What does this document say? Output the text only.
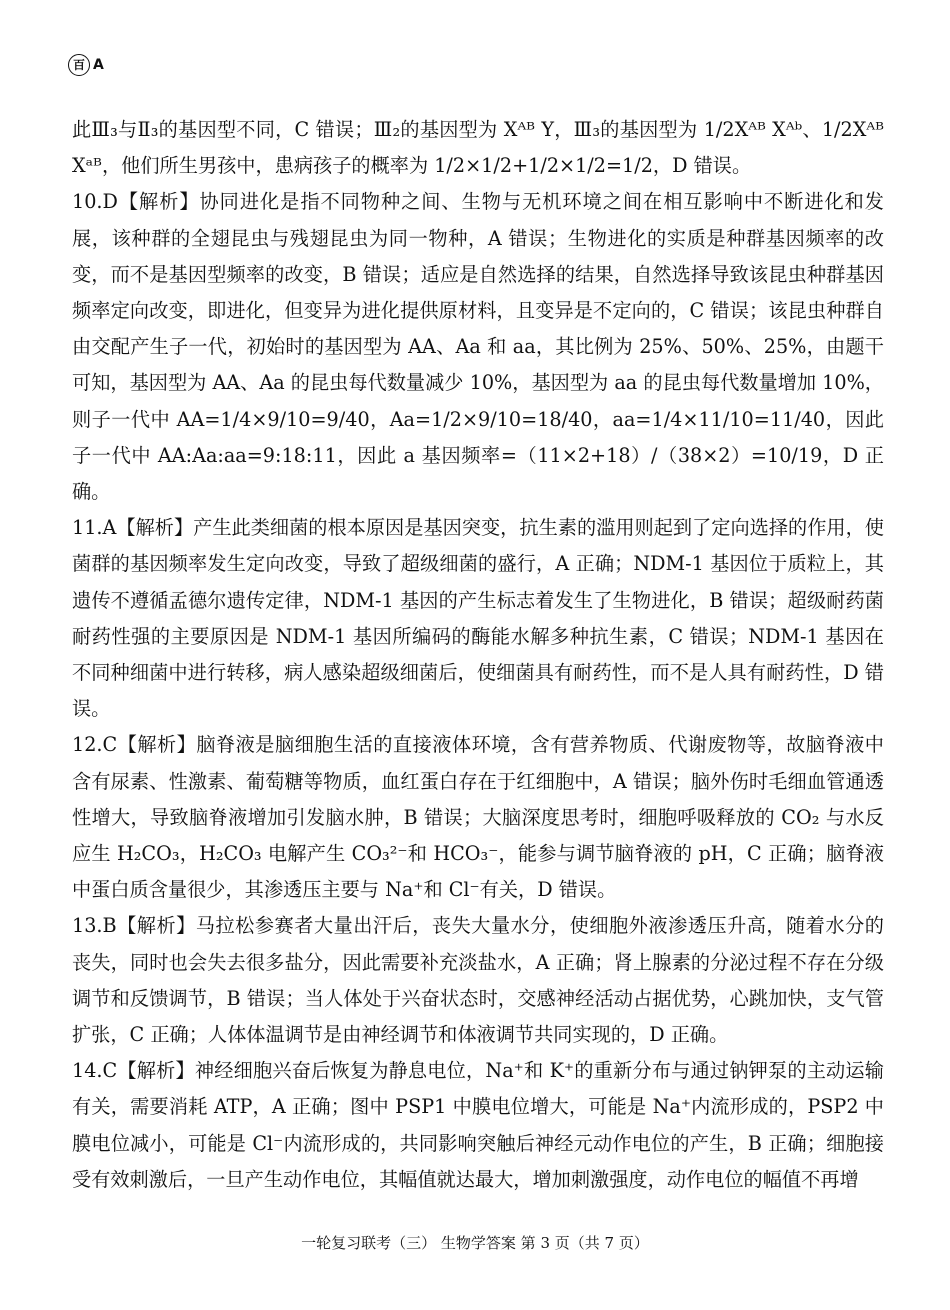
百 A

此Ⅲ₃与Ⅱ₃的基因型不同，C 错误；Ⅲ₂的基因型为 Xᴬᴮ Y，Ⅲ₃的基因型为 1/2Xᴬᴮ Xᴬᵇ、1/2Xᴬᴮ Xᵃᴮ，他们所生男孩中，患病孩子的概率为 1/2×1/2+1/2×1/2=1/2，D 错误。

10.D【解析】协同进化是指不同物种之间、生物与无机环境之间在相互影响中不断进化和发展，该种群的全翅昆虫与残翅昆虫为同一物种，A 错误；生物进化的实质是种群基因频率的改变，而不是基因型频率的改变，B 错误；适应是自然选择的结果，自然选择导致该昆虫种群基因频率定向改变，即进化，但变异为进化提供原材料，且变异是不定向的，C 错误；该昆虫种群自由交配产生子一代，初始时的基因型为 AA、Aa 和 aa，其比例为 25%、50%、25%，由题干可知，基因型为 AA、Aa 的昆虫每代数量减少 10%，基因型为 aa 的昆虫每代数量增加 10%，则子一代中 AA=1/4×9/10=9/40，Aa=1/2×9/10=18/40，aa=1/4×11/10=11/40，因此子一代中 AA:Aa:aa=9:18:11，因此 a 基因频率=（11×2+18）/（38×2）=10/19，D 正确。

11.A【解析】产生此类细菌的根本原因是基因突变，抗生素的滥用则起到了定向选择的作用，使菌群的基因频率发生定向改变，导致了超级细菌的盛行，A 正确；NDM-1 基因位于质粒上，其遗传不遵循孟德尔遗传定律，NDM-1 基因的产生标志着发生了生物进化，B 错误；超级耐药菌耐药性强的主要原因是 NDM-1 基因所编码的酶能水解多种抗生素，C 错误；NDM-1 基因在不同种细菌中进行转移，病人感染超级细菌后，使细菌具有耐药性，而不是人具有耐药性，D 错误。

12.C【解析】脑脊液是脑细胞生活的直接液体环境，含有营养物质、代谢废物等，故脑脊液中含有尿素、性激素、葡萄糖等物质，血红蛋白存在于红细胞中，A 错误；脑外伤时毛细血管通透性增大，导致脑脊液增加引发脑水肿，B 错误；大脑深度思考时，细胞呼吸释放的 CO₂ 与水反应生 H₂CO₃，H₂CO₃ 电解产生 CO₃²⁻和 HCO₃⁻，能参与调节脑脊液的 pH，C 正确；脑脊液中蛋白质含量很少，其渗透压主要与 Na⁺和 Cl⁻有关，D 错误。

13.B【解析】马拉松参赛者大量出汗后，丧失大量水分，使细胞外液渗透压升高，随着水分的丧失，同时也会失去很多盐分，因此需要补充淡盐水，A 正确；肾上腺素的分泌过程不存在分级调节和反馈调节，B 错误；当人体处于兴奋状态时，交感神经活动占据优势，心跳加快，支气管扩张，C 正确；人体体温调节是由神经调节和体液调节共同实现的，D 正确。

14.C【解析】神经细胞兴奋后恢复为静息电位，Na⁺和 K⁺的重新分布与通过钠钾泵的主动运输有关，需要消耗 ATP，A 正确；图中 PSP1 中膜电位增大，可能是 Na⁺内流形成的，PSP2 中膜电位减小，可能是 Cl⁻内流形成的，共同影响突触后神经元动作电位的产生，B 正确；细胞接受有效刺激后，一旦产生动作电位，其幅值就达最大，增加刺激强度，动作电位的幅值不再增

一轮复习联考（三） 生物学答案 第 3 页（共 7 页）
